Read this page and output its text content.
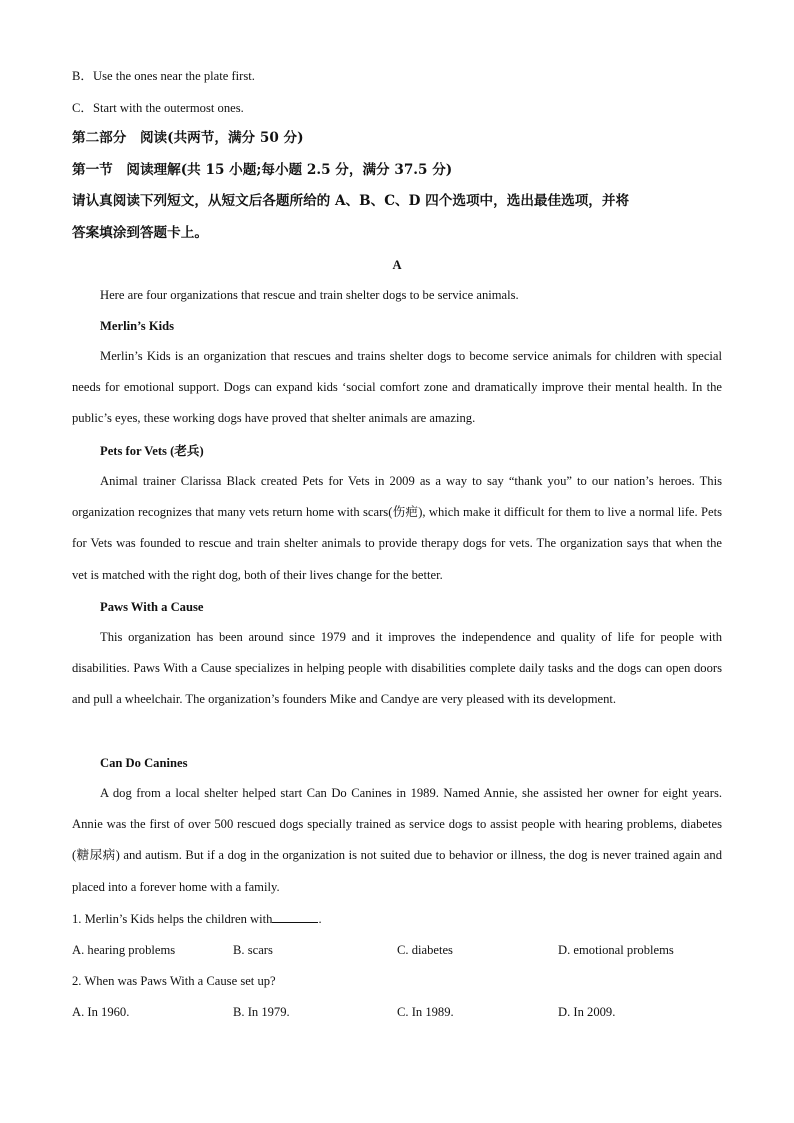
B．Use the ones near the plate first.
C．Start with the outermost ones.
第二部分　阅读(共两节，满分 50 分)
第一节　阅读理解(共 15 小题;每小题 2.5 分，满分 37.5 分)
请认真阅读下列短文，从短文后各题所给的 A、B、C、D 四个选项中，选出最佳选项，并将
答案填涂到答题卡上。
A
Here are four organizations that rescue and train shelter dogs to be service animals.
Merlin’s Kids

Merlin’s Kids is an organization that rescues and trains shelter dogs to become service animals for children with special needs for emotional support. Dogs can expand kids ‘social comfort zone and dramatically improve their mental health. In the public’s eyes, these working dogs have proved that shelter animals are amazing.

Pets for Vets (老兵)

Animal trainer Clarissa Black created Pets for Vets in 2009 as a way to say “thank you” to our nation’s heroes. This organization recognizes that many vets return home with scars(伤疤), which make it difficult for them to live a normal life. Pets for Vets was founded to rescue and train shelter animals to provide therapy dogs for vets. The organization says that when the vet is matched with the right dog, both of their lives change for the better.

Paws With a Cause

This organization has been around since 1979 and it improves the independence and quality of life for people with disabilities. Paws With a Cause specializes in helping people with disabilities complete daily tasks and the dogs can open doors and pull a wheelchair. The organization’s founders Mike and Candye are very pleased with its development.

Can Do Canines

A dog from a local shelter helped start Can Do Canines in 1989. Named Annie, she assisted her owner for eight years. Annie was the first of over 500 rescued dogs specially trained as service dogs to assist people with hearing problems, diabetes (糖尿病) and autism. But if a dog in the organization is not suited due to behavior or illness, the dog is never trained again and placed into a forever home with a family.

1. Merlin’s Kids helps the children with	.
A. hearing problems	B. scars	C. diabetes	D. emotional problems
2. When was Paws With a Cause set up?
A. In 1960.	B. In 1979.	C. In 1989.	D. In 2009.
